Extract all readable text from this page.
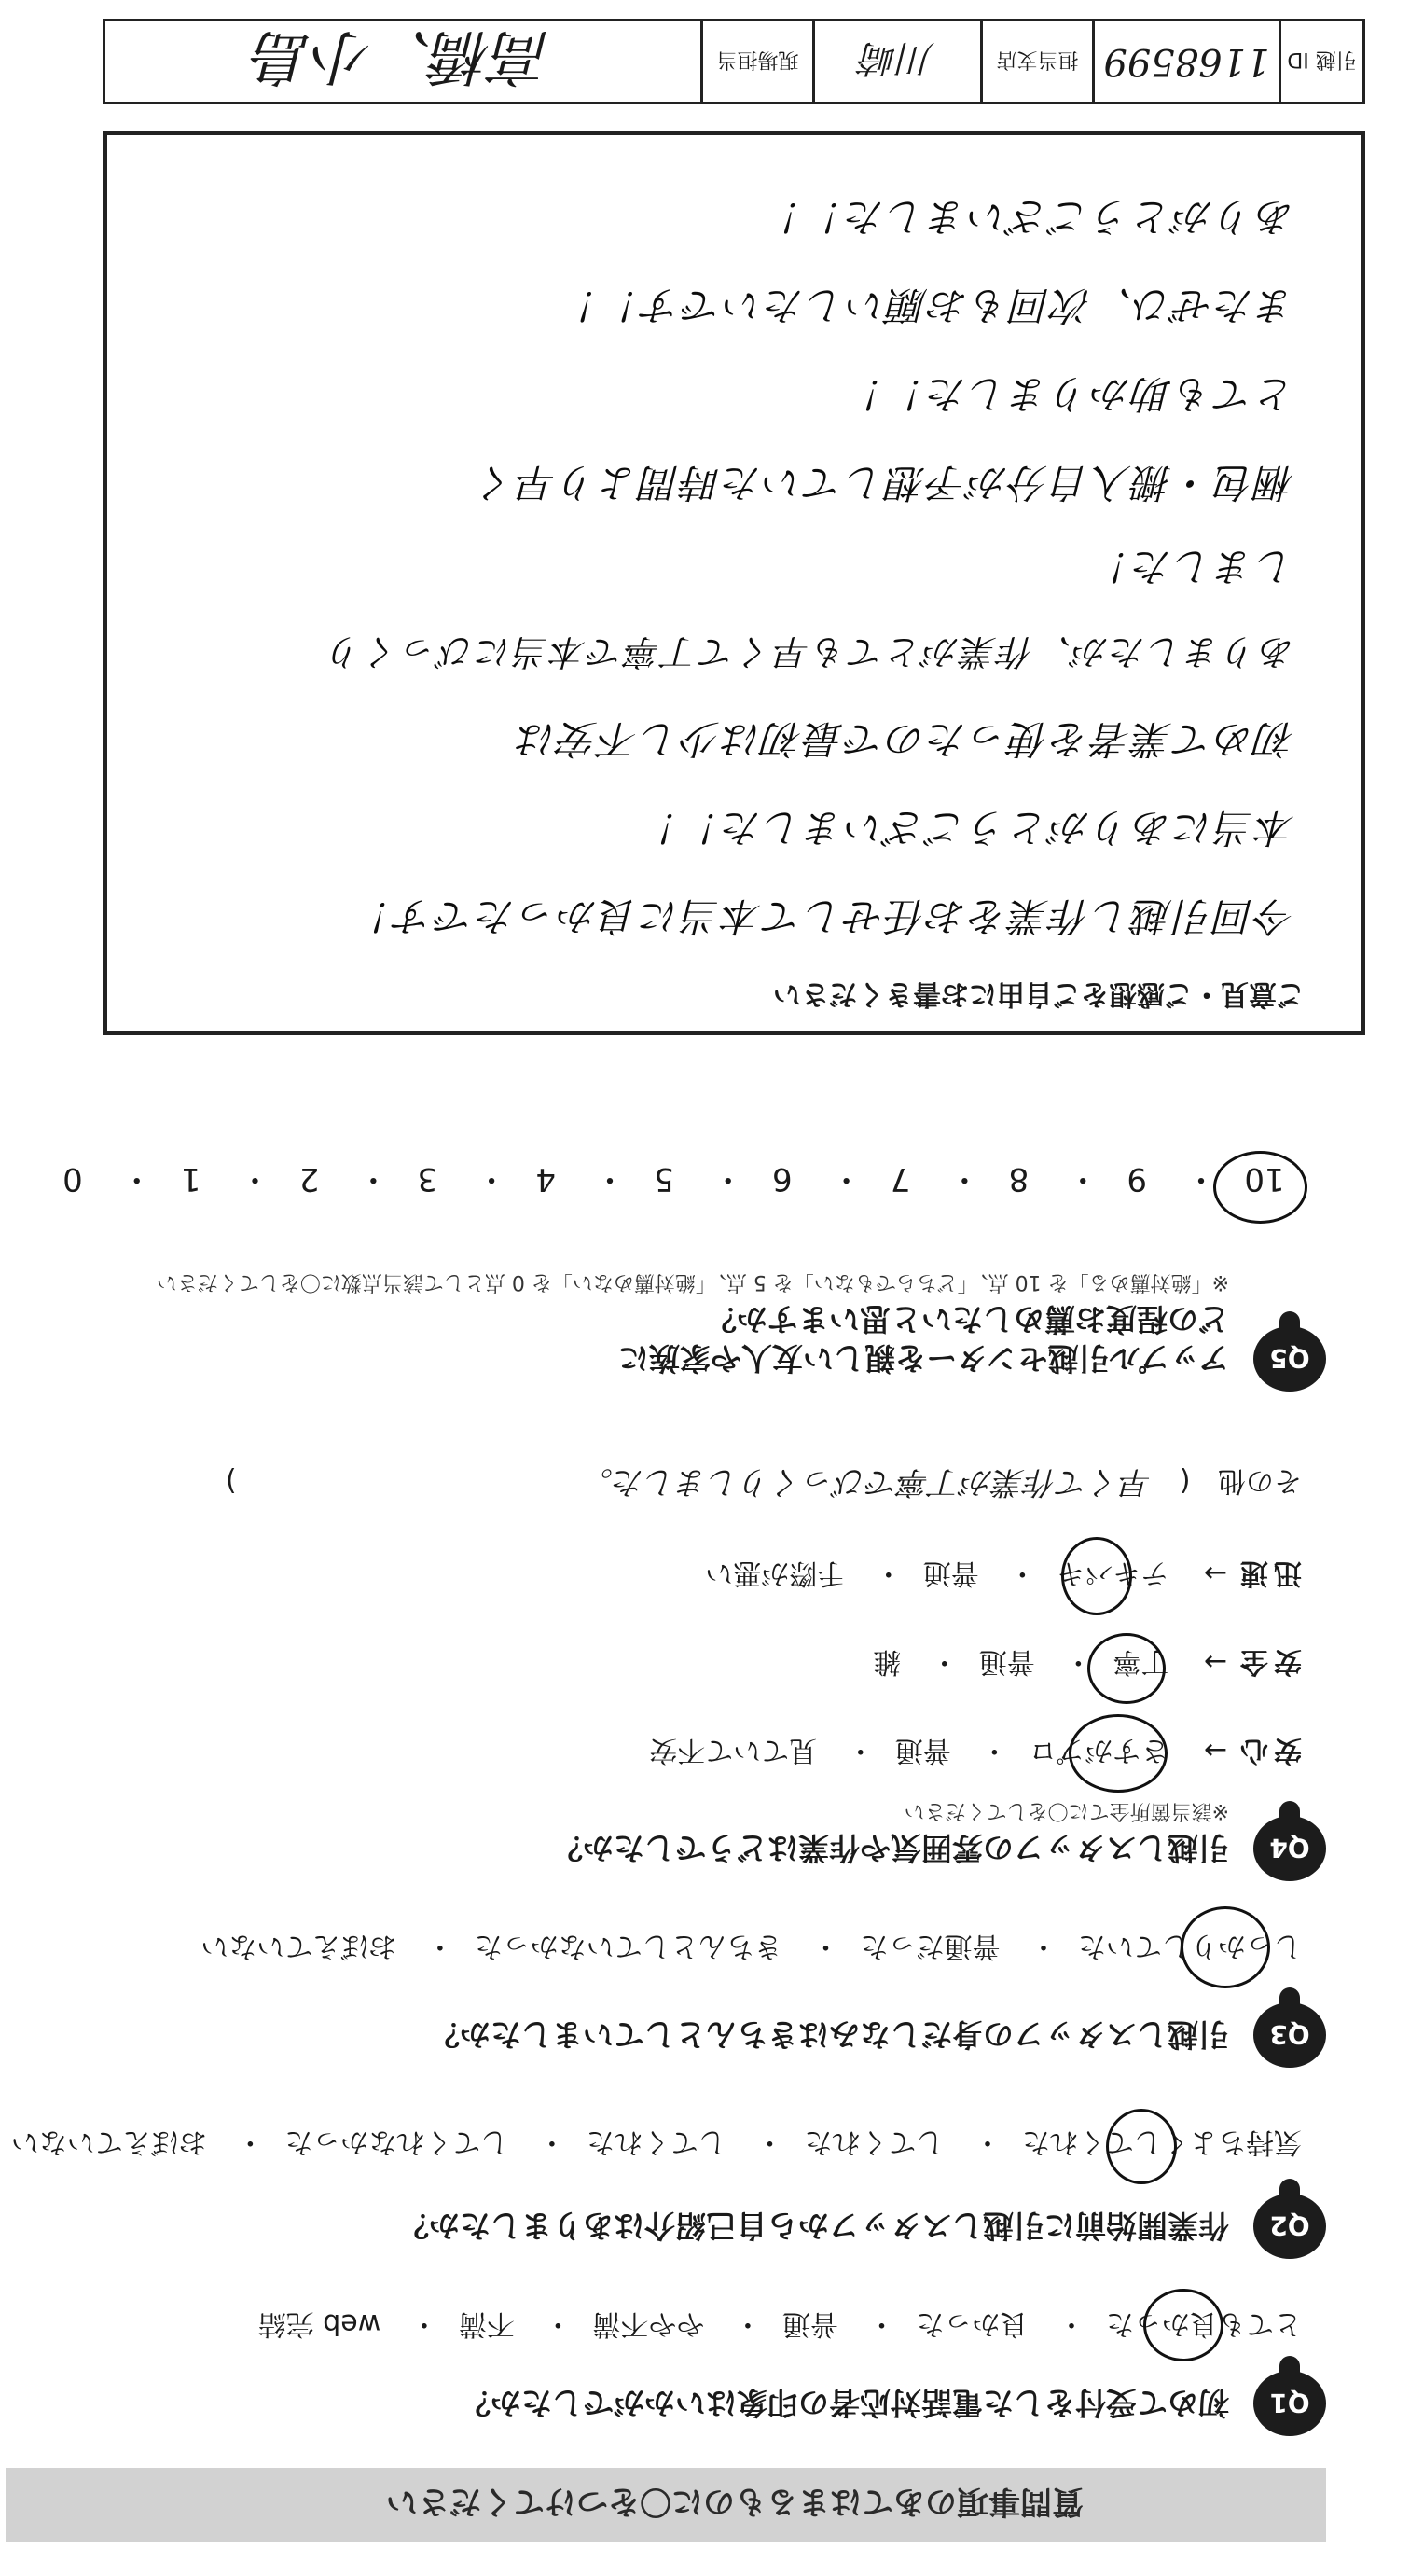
質問事項のあてはまるものに〇をつけてください
Q1
初めて受付をした電話対応者の印象はいかがでしたか？
とても良かった・ 良かった・ 普通・ やや不満・ 不満・ web 完結
Q2
作業開始前に引越しスタッフから自己紹介はありましたか？
気持ちよくしてくれた・ してくれた・ してくれた・ してくれなかった・ おぼえていない
Q3
引越しスタッフの身だしなみはきちんとしていましたか？
しっかりしていた・ 普通だった・ きちんとしていなかった・ おぼえていない
Q4
引越しスタッフの雰囲気や作業はどうでしたか？
※該当箇所全てに〇をしてください
安心→ さすがプロ・ 普通・ 見ていて不安
安全→ 丁寧・ 普通・ 雑
迅速→ テキパキ・ 普通・ 手際が悪い
その他 ( 早くて作業が丁寧でびっくりしました。 )
Q5
アップル引越センターを親しい友人や家族に
どの程度お薦めしたいと思いますか？
※「絶対薦める」を 10 点、「どちらでもない」を 5 点、「絶対薦めない」を 0 点として該当点数に〇をしてください
10・ 9・ 8・ 7・ 6・ 5・ 4・ 3・ 2・ 1・ 0
ご意見・ご感想をご自由にお書きください
今回引越し作業をお任せして本当に良かったです！
本当にありがとうございました！！
初めて業者を使ったので最初は少し不安は
ありましたが、作業がとても早くて丁寧で本当にびっくり
しました！
梱包・搬入自分が予想していた時間より早く
とても助かりました！！
またぜひ、次回もお願いしたいです！！
ありがとうございました！！
引越 ID
1168599
担当支店
川崎
現場担当
高橋、小島
